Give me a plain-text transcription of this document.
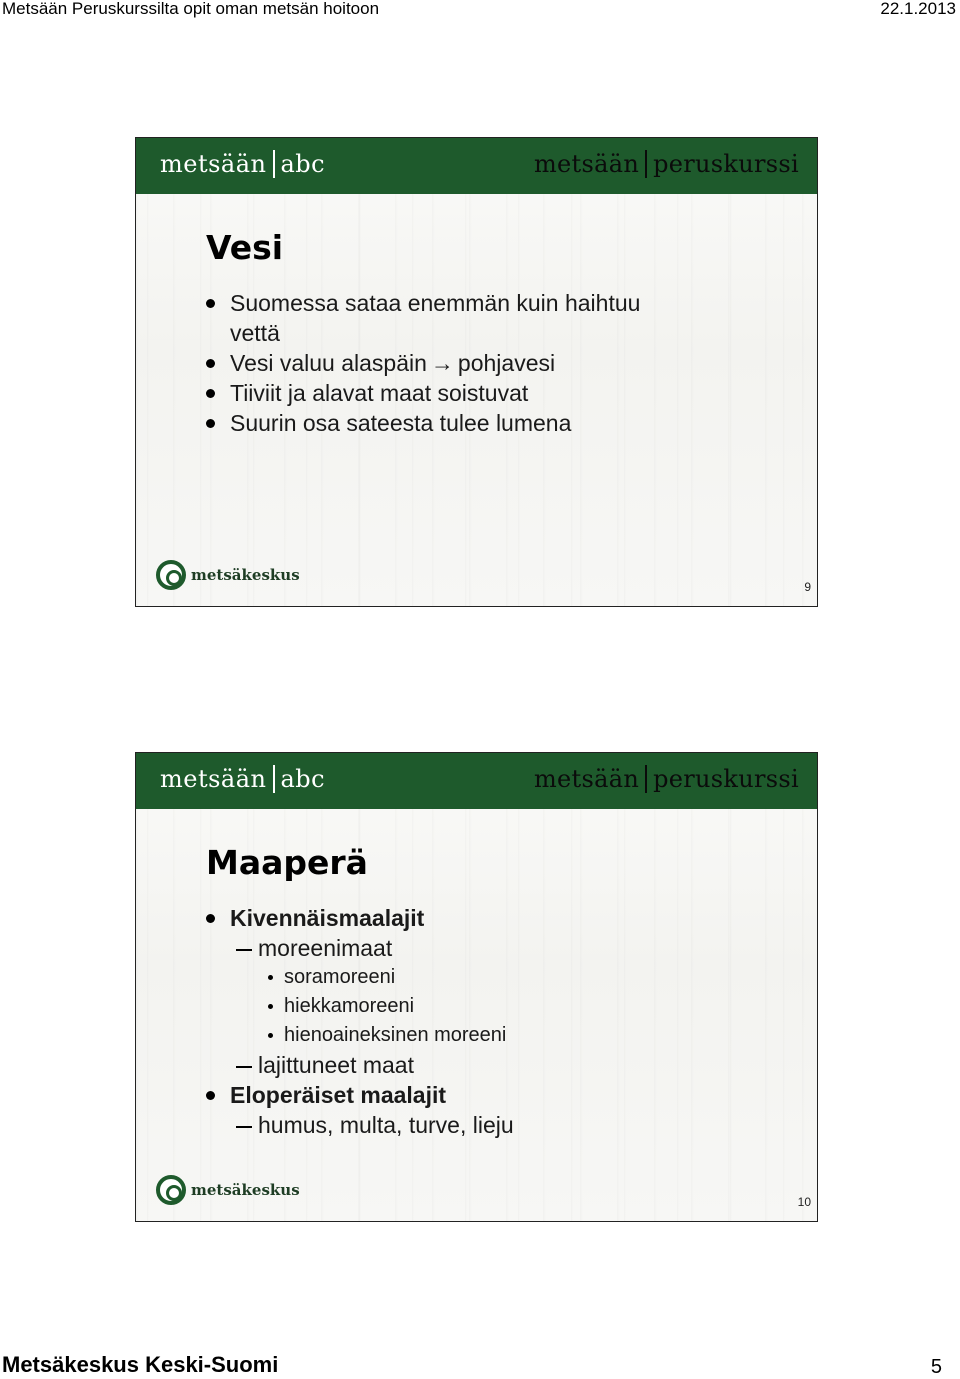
Metsään Peruskurssilta opit oman metsän hoitoon	22.1.2013
metsään abc	metsään peruskurssi
Vesi
Suomessa sataa enemmän kuin haihtuu
vettä
Vesi valuu alaspäin → pohjavesi
Tiiviit ja alavat maat soistuvat
Suurin osa sateesta tulee lumena
metsäkeskus
9
metsään abc	metsään peruskurssi
Maaperä
Kivennäismaalajit
moreenimaat
soramoreeni
hiekkamoreeni
hienoaineksinen moreeni
lajittuneet maat
Eloperäiset maalajit
humus, multa, turve, lieju
metsäkeskus
10
Metsäkeskus Keski-Suomi	5
